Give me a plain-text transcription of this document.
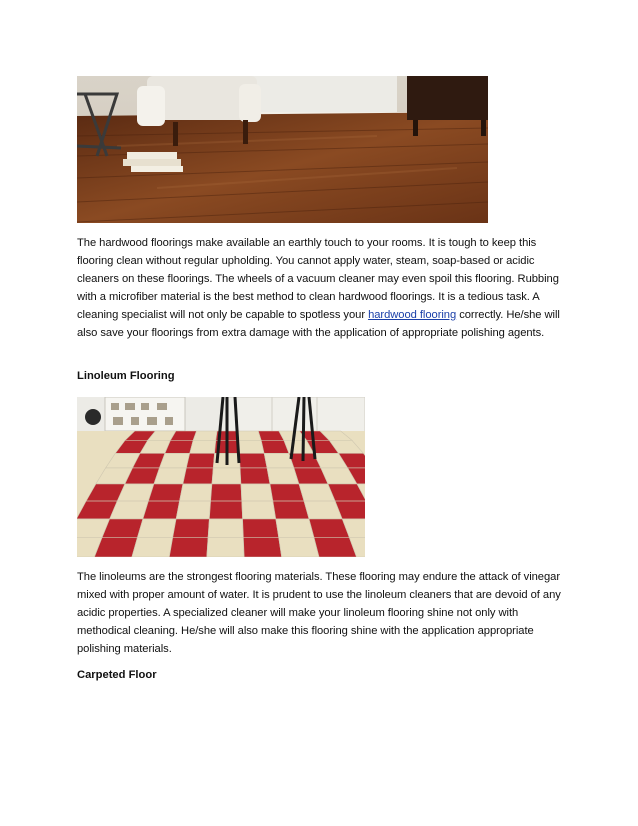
The hardwood floorings make available an earthly touch to your rooms. It is tough to keep this flooring clean without regular upholding. You cannot apply water, steam, soap-based or acidic cleaners on these floorings. The wheels of a vacuum cleaner may even spoil this flooring. Rubbing with a microfiber material is the best method to clean hardwood floorings. It is a tedious task. A cleaning specialist will not only be capable to spotless your hardwood flooring correctly. He/she will also save your floorings from extra damage with the application of appropriate polishing agents.

Linoleum Flooring

The linoleums are the strongest flooring materials. These flooring may endure the attack of vinegar mixed with proper amount of water. It is prudent to use the linoleum cleaners that are devoid of any acidic properties. A specialized cleaner will make your linoleum flooring shine not only with methodical cleaning. He/she will also make this flooring shine with the application appropriate polishing materials.

Carpeted Floor
